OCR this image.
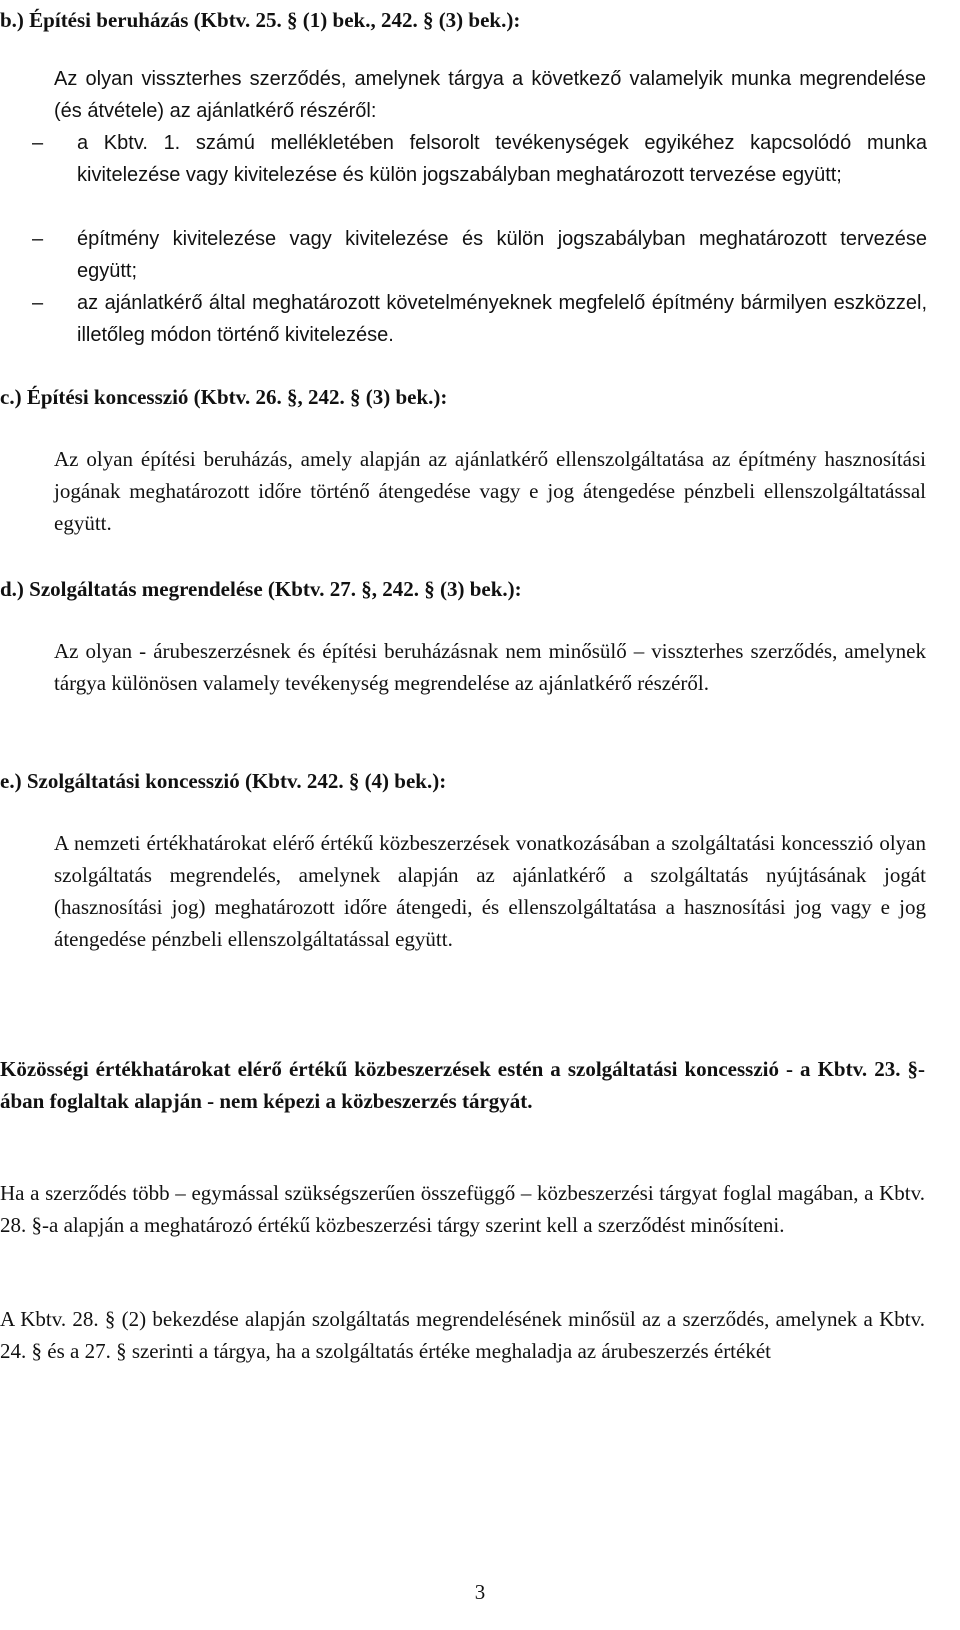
b.) Építési beruházás (Kbtv. 25. § (1) bek., 242. § (3) bek.):

Az olyan visszterhes szerződés, amelynek tárgya a következő valamelyik munka megrendelése (és átvétele) az ajánlatkérő részéről:

– a Kbtv. 1. számú mellékletében felsorolt tevékenységek egyikéhez kapcsolódó munka kivitelezése vagy kivitelezése és külön jogszabályban meghatározott tervezése együtt;

– építmény kivitelezése vagy kivitelezése és külön jogszabályban meghatározott tervezése együtt;

– az ajánlatkérő által meghatározott követelményeknek megfelelő építmény bármilyen eszközzel, illetőleg módon történő kivitelezése.

c.) Építési koncesszió (Kbtv. 26. §, 242. § (3) bek.):

Az olyan építési beruházás, amely alapján az ajánlatkérő ellenszolgáltatása az építmény hasznosítási jogának meghatározott időre történő átengedése vagy e jog átengedése pénzbeli ellenszolgáltatással együtt.

d.) Szolgáltatás megrendelése (Kbtv. 27. §, 242. § (3) bek.):

Az olyan - árubeszerzésnek és építési beruházásnak nem minősülő – visszterhes szerződés, amelynek tárgya különösen valamely tevékenység megrendelése az ajánlatkérő részéről.

e.) Szolgáltatási koncesszió (Kbtv. 242. § (4) bek.):

A nemzeti értékhatárokat elérő értékű közbeszerzések vonatkozásában a szolgáltatási koncesszió olyan szolgáltatás megrendelés, amelynek alapján az ajánlatkérő a szolgáltatás nyújtásának jogát (hasznosítási jog) meghatározott időre átengedi, és ellenszolgáltatása a hasznosítási jog vagy e jog átengedése pénzbeli ellenszolgáltatással együtt.

Közösségi értékhatárokat elérő értékű közbeszerzések estén a szolgáltatási koncesszió - a Kbtv. 23. §-ában foglaltak alapján - nem képezi a közbeszerzés tárgyát.

Ha a szerződés több – egymással szükségszerűen összefüggő – közbeszerzési tárgyat foglal magában, a Kbtv. 28. §-a alapján a meghatározó értékű közbeszerzési tárgy szerint kell a szerződést minősíteni.

A Kbtv. 28. § (2) bekezdése alapján szolgáltatás megrendelésének minősül az a szerződés, amelynek a Kbtv. 24. § és a 27. § szerinti a tárgya, ha a szolgáltatás értéke meghaladja az árubeszerzés értékét

3
